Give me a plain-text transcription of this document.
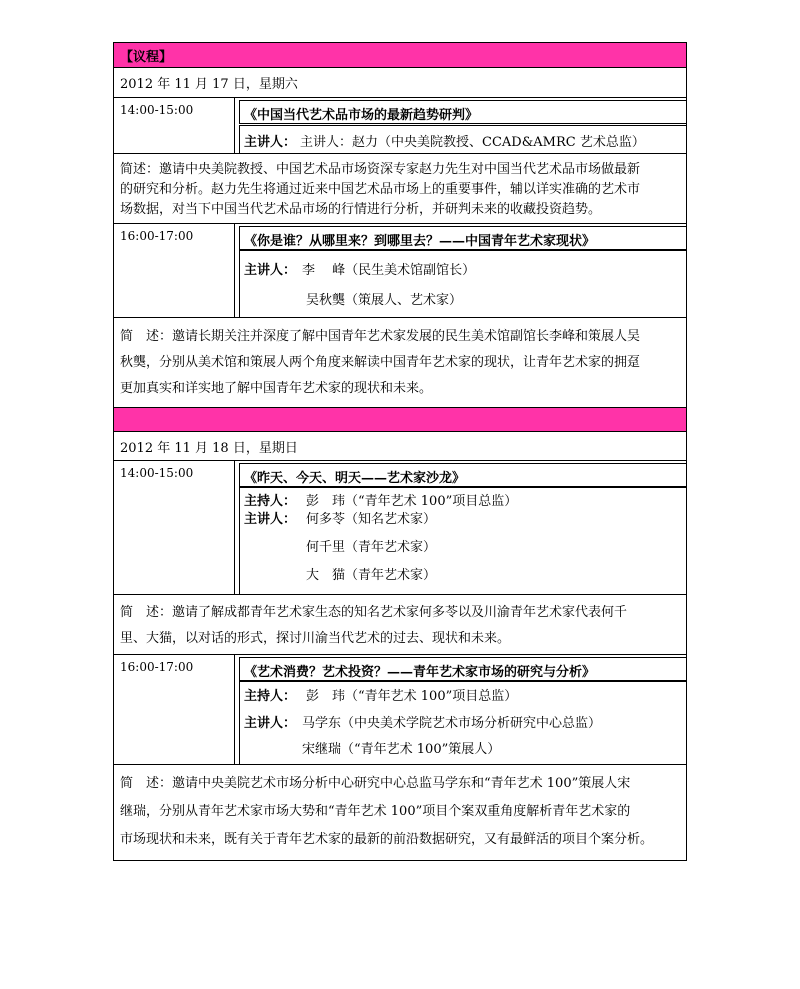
【议程】
2012 年 11 月 17 日，星期六
14:00-15:00	《中国当代艺术品市场的最新趋势研判》
主讲人： 主讲人：赵力（中央美院教授、CCAD&AMRC 艺术总监）
简述：邀请中央美院教授、中国艺术品市场资深专家赵力先生对中国当代艺术品市场做最新
的研究和分析。赵力先生将通过近来中国艺术品市场上的重要事件，辅以详实准确的艺术市
场数据，对当下中国当代艺术品市场的行情进行分析，并研判未来的收藏投资趋势。
16:00-17:00	《你是谁？从哪里来？到哪里去？——中国青年艺术家现状》
主讲人： 李　 峰（民生美术馆副馆长）
吴秋龑（策展人、艺术家）
简　述：邀请长期关注并深度了解中国青年艺术家发展的民生美术馆副馆长李峰和策展人吴
秋龑，分别从美术馆和策展人两个角度来解读中国青年艺术家的现状，让青年艺术家的拥趸
更加真实和详实地了解中国青年艺术家的现状和未来。
2012 年 11 月 18 日，星期日
14:00-15:00	《昨天、今天、明天——艺术家沙龙》
主持人： 彭　玮（“青年艺术 100”项目总监）
主讲人： 何多苓（知名艺术家）
何千里（青年艺术家）
大　猫（青年艺术家）
简　述：邀请了解成都青年艺术家生态的知名艺术家何多苓以及川渝青年艺术家代表何千
里、大猫，以对话的形式，探讨川渝当代艺术的过去、现状和未来。
16:00-17:00	《艺术消费？艺术投资？——青年艺术家市场的研究与分析》
主持人： 彭　玮（“青年艺术 100”项目总监）
主讲人： 马学东（中央美术学院艺术市场分析研究中心总监）
宋继瑞（“青年艺术 100”策展人）
简　述：邀请中央美院艺术市场分析中心研究中心总监马学东和“青年艺术 100”策展人宋
继瑞，分别从青年艺术家市场大势和“青年艺术 100”项目个案双重角度解析青年艺术家的
市场现状和未来，既有关于青年艺术家的最新的前沿数据研究，又有最鲜活的项目个案分析。
